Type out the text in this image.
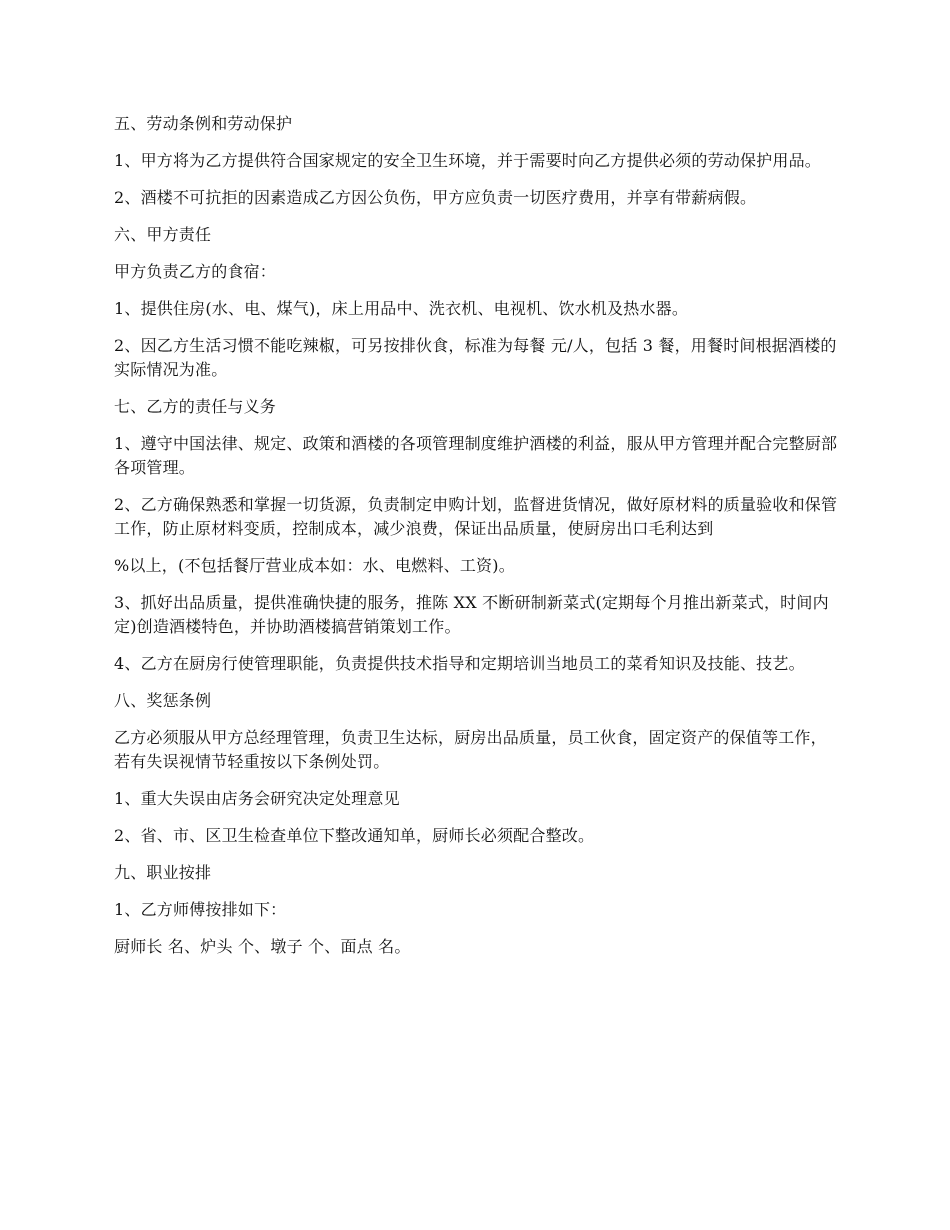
五、劳动条例和劳动保护

1、甲方将为乙方提供符合国家规定的安全卫生环境，并于需要时向乙方提供必须的劳动保护用品。

2、酒楼不可抗拒的因素造成乙方因公负伤，甲方应负责一切医疗费用，并享有带薪病假。

六、甲方责任

甲方负责乙方的食宿：

1、提供住房(水、电、煤气)，床上用品中、洗衣机、电视机、饮水机及热水器。

2、因乙方生活习惯不能吃辣椒，可另按排伙食，标准为每餐 元/人，包括 3 餐，用餐时间根据酒楼的实际情况为准。

七、乙方的责任与义务

1、遵守中国法律、规定、政策和酒楼的各项管理制度维护酒楼的利益，服从甲方管理并配合完整厨部各项管理。

2、乙方确保熟悉和掌握一切货源，负责制定申购计划，监督进货情况，做好原材料的质量验收和保管工作，防止原材料变质，控制成本，减少浪费，保证出品质量，使厨房出口毛利达到

%以上，(不包括餐厅营业成本如：水、电燃料、工资)。

3、抓好出品质量，提供准确快捷的服务，推陈 XX 不断研制新菜式(定期每个月推出新菜式，时间内定)创造酒楼特色，并协助酒楼搞营销策划工作。

4、乙方在厨房行使管理职能，负责提供技术指导和定期培训当地员工的菜肴知识及技能、技艺。

八、奖惩条例

乙方必须服从甲方总经理管理，负责卫生达标，厨房出品质量，员工伙食，固定资产的保值等工作，若有失误视情节轻重按以下条例处罚。

1、重大失误由店务会研究决定处理意见

2、省、市、区卫生检查单位下整改通知单，厨师长必须配合整改。

九、职业按排

1、乙方师傅按排如下：

厨师长 名、炉头 个、墩子 个、面点 名。
